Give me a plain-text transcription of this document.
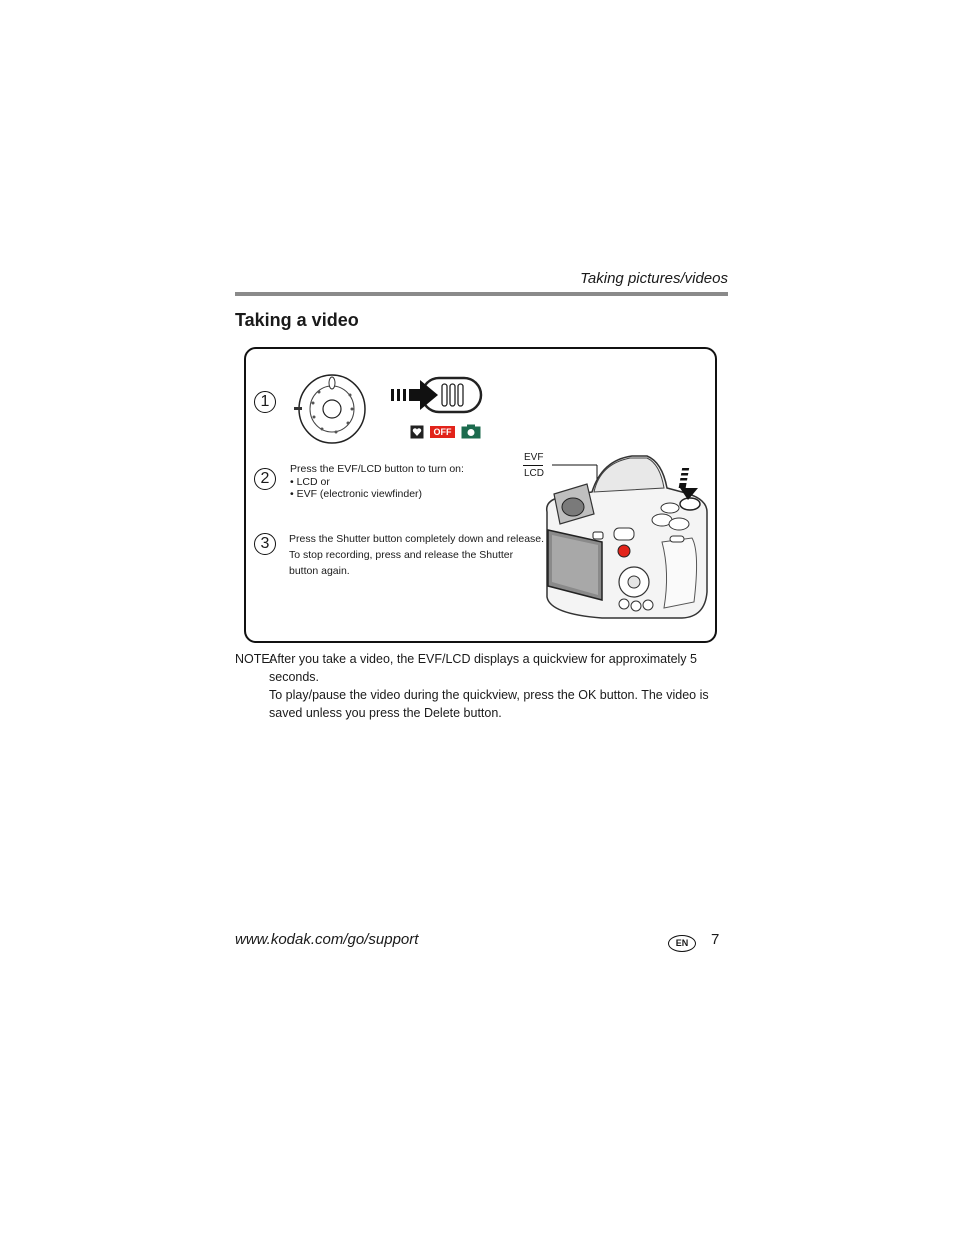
Taking pictures/videos
Taking a video
1
OFF
2
Press the EVF/LCD button to turn on:
• LCD or
• EVF (electronic viewfinder)
3	Press the Shutter button completely down and release.
To stop recording, press and release the Shutter
button again.
EVF
LCD
NOTE:
After you take a video, the EVF/LCD displays a quickview for approximately 5 seconds.
To play/pause the video during the quickview, press the OK button. The video is saved unless you press the Delete button.
www.kodak.com/go/support	EN	7
